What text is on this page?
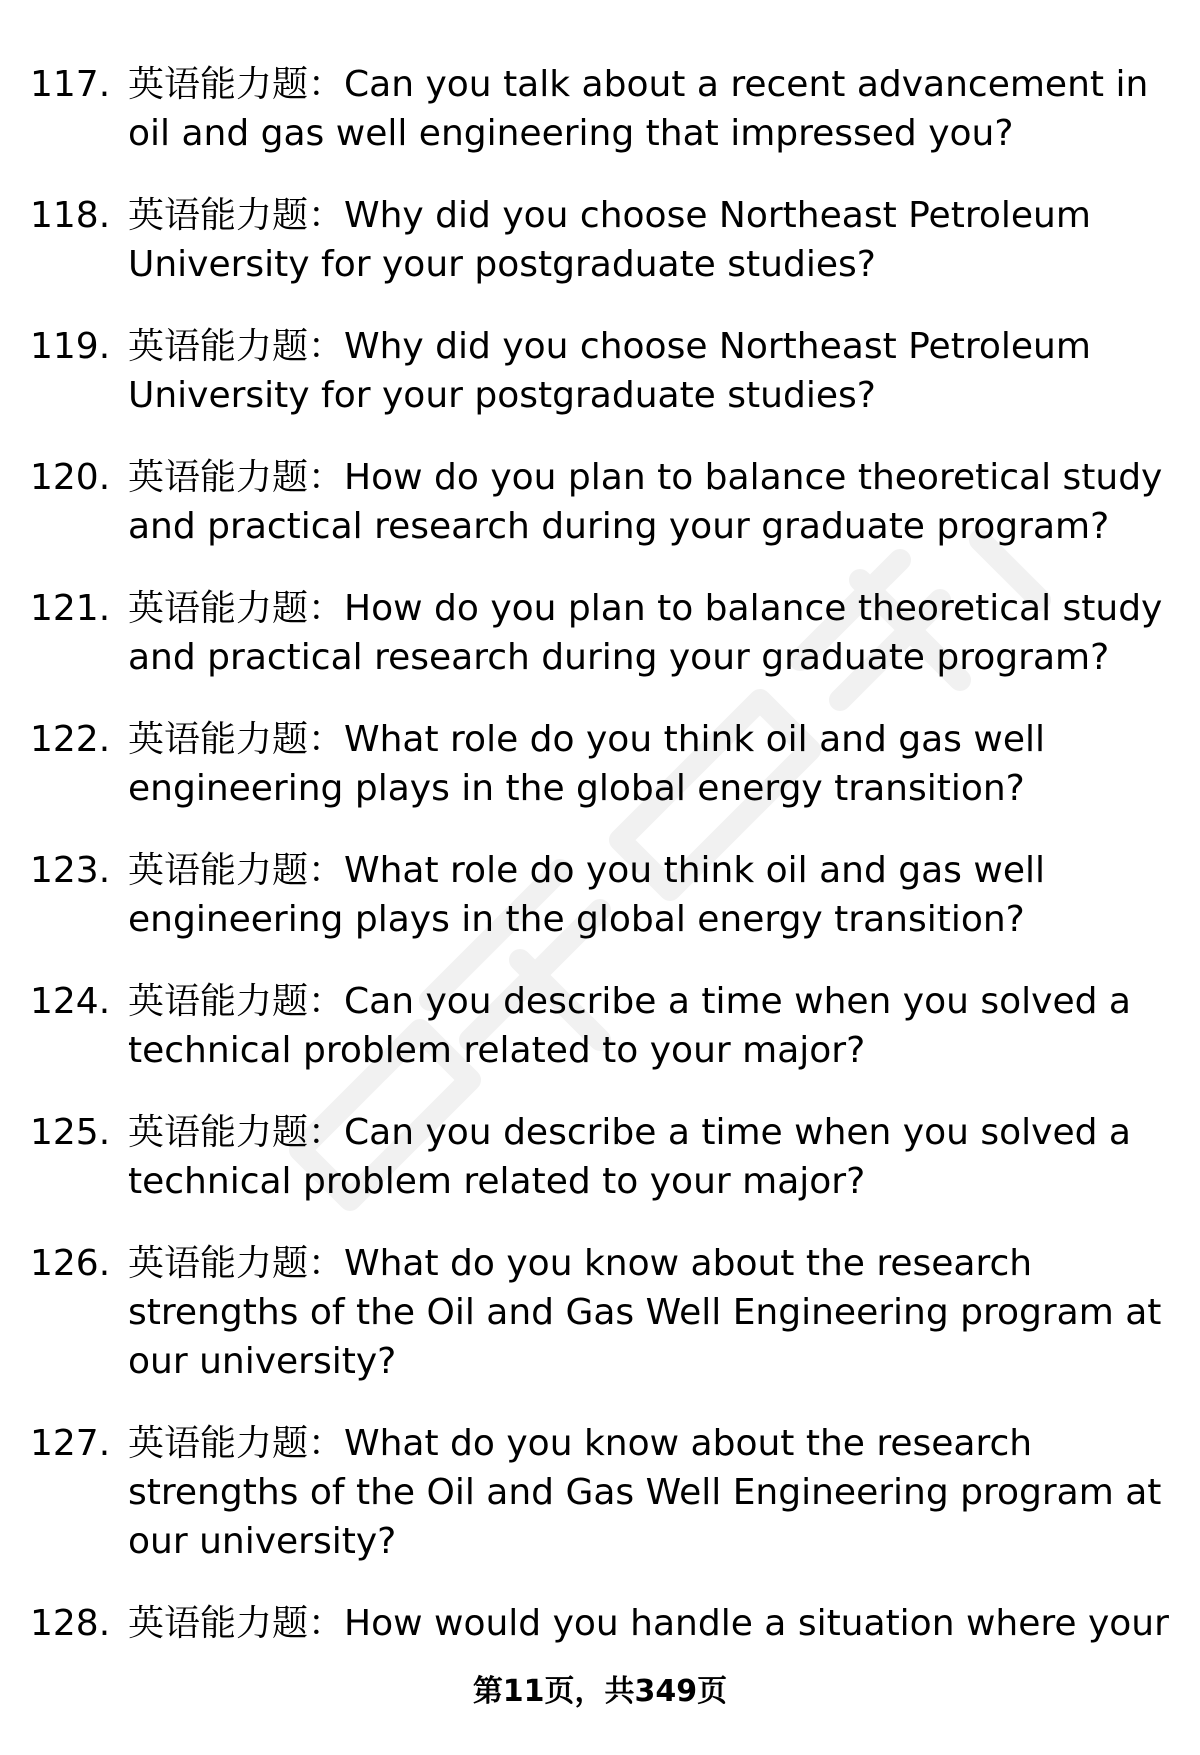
117. 英语能力题：Can you talk about a recent advancement in oil and gas well engineering that impressed you?
118. 英语能力题：Why did you choose Northeast Petroleum University for your postgraduate studies?
119. 英语能力题：Why did you choose Northeast Petroleum University for your postgraduate studies?
120. 英语能力题：How do you plan to balance theoretical study and practical research during your graduate program?
121. 英语能力题：How do you plan to balance theoretical study and practical research during your graduate program?
122. 英语能力题：What role do you think oil and gas well engineering plays in the global energy transition?
123. 英语能力题：What role do you think oil and gas well engineering plays in the global energy transition?
124. 英语能力题：Can you describe a time when you solved a technical problem related to your major?
125. 英语能力题：Can you describe a time when you solved a technical problem related to your major?
126. 英语能力题：What do you know about the research strengths of the Oil and Gas Well Engineering program at our university?
127. 英语能力题：What do you know about the research strengths of the Oil and Gas Well Engineering program at our university?
128. 英语能力题：How would you handle a situation where your
第11页，共349页
